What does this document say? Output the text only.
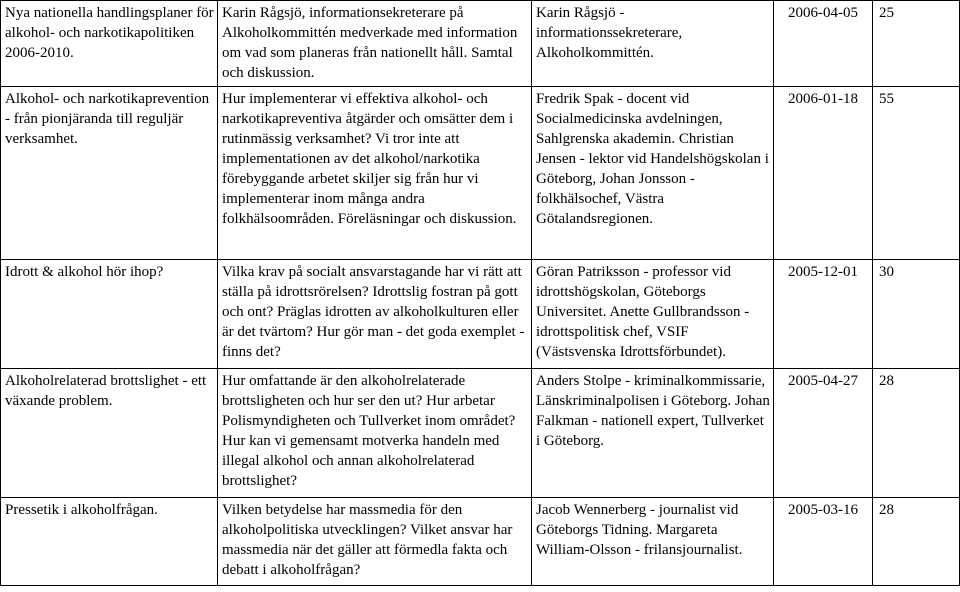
Nya nationella handlingsplaner för alkohol- och narkotikapolitiken 2006-2010.	Karin Rågsjö, informationsekreterare på Alkoholkommittén medverkade med information om vad som planeras från nationellt håll. Samtal och diskussion.	Karin Rågsjö - informationssekreterare, Alkoholkommittén.	2006-04-05	25
Alkohol- och narkotikaprevention - från pionjäranda till reguljär verksamhet.	Hur implementerar vi effektiva alkohol- och narkotikapreventiva åtgärder och omsätter dem i rutinmässig verksamhet? Vi tror inte att implementationen av det alkohol/narkotika förebyggande arbetet skiljer sig från hur vi implementerar inom många andra folkhälsoområden. Föreläsningar och diskussion.	Fredrik Spak - docent vid Socialmedicinska avdelningen, Sahlgrenska akademin. Christian Jensen - lektor vid Handelshögskolan i Göteborg, Johan Jonsson - folkhälsochef, Västra Götalandsregionen.	2006-01-18	55
Idrott & alkohol hör ihop?	Vilka krav på socialt ansvarstagande har vi rätt att ställa på idrottsrörelsen? Idrottslig fostran på gott och ont? Präglas idrotten av alkoholkulturen eller är det tvärtom? Hur gör man - det goda exemplet - finns det?	Göran Patriksson - professor vid idrottshögskolan, Göteborgs Universitet. Anette Gullbrandsson - idrottspolitisk chef, VSIF (Västsvenska Idrottsförbundet).	2005-12-01	30
Alkoholrelaterad brottslighet - ett växande problem.	Hur omfattande är den alkoholrelaterade brottsligheten och hur ser den ut? Hur arbetar Polismyndigheten och Tullverket inom området? Hur kan vi gemensamt motverka handeln med illegal alkohol och annan alkoholrelaterad brottslighet?	Anders Stolpe - kriminalkommissarie, Länskriminalpolisen i Göteborg. Johan Falkman - nationell expert, Tullverket i Göteborg.	2005-04-27	28
Pressetik i alkoholfrågan.	Vilken betydelse har massmedia för den alkoholpolitiska utvecklingen? Vilket ansvar har massmedia när det gäller att förmedla fakta och debatt i alkoholfrågan?	Jacob Wennerberg - journalist vid Göteborgs Tidning. Margareta William-Olsson - frilansjournalist.	2005-03-16	28
